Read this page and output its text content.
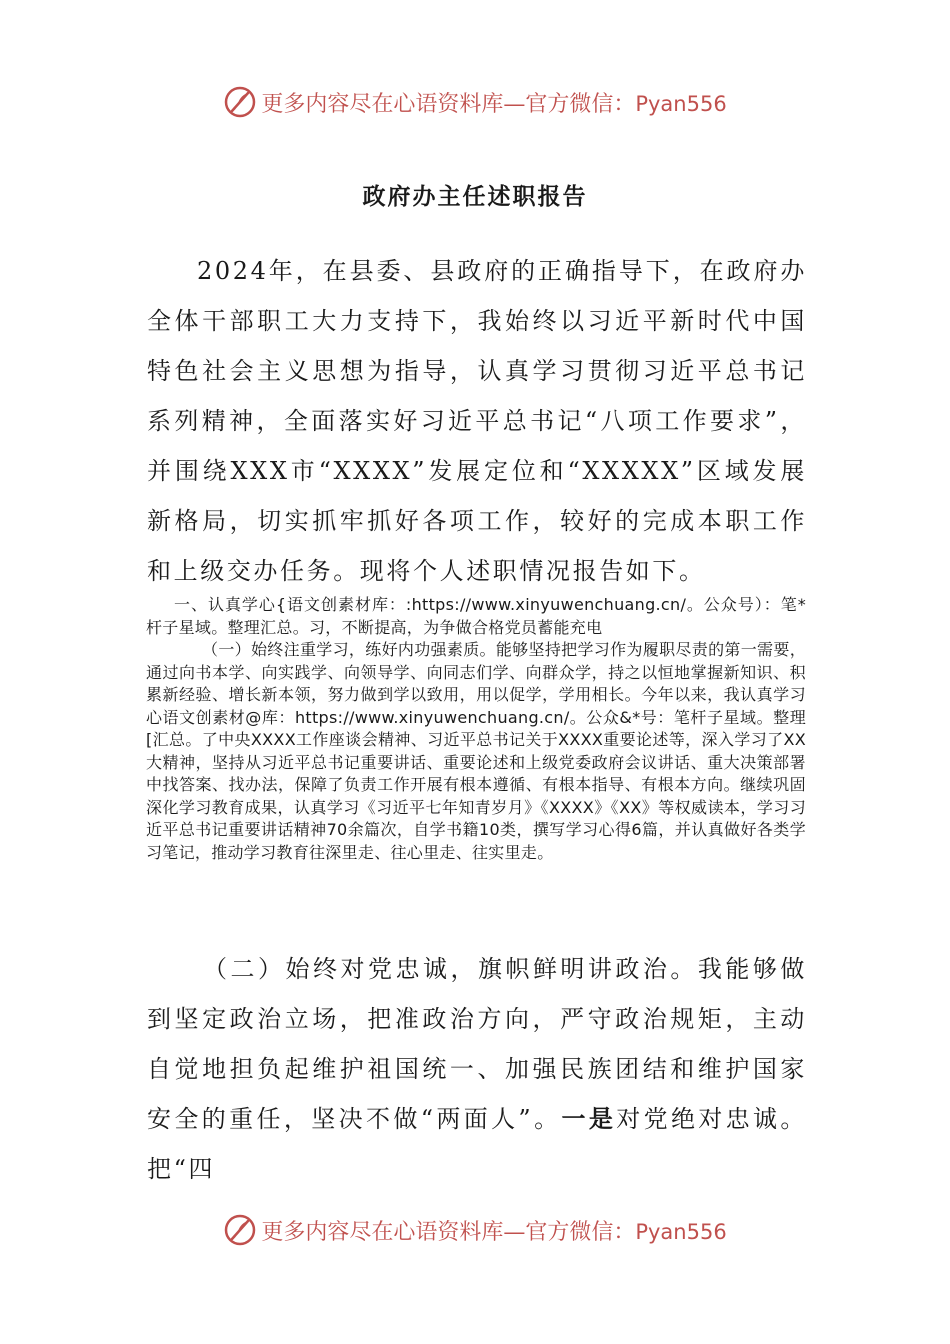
更多内容尽在心语资料库—官方微信：Pyan556
政府办主任述职报告

2024年，在县委、县政府的正确指导下，在政府办全体干部职工大力支持下，我始终以习近平新时代中国特色社会主义思想为指导，认真学习贯彻习近平总书记系列精神，全面落实好习近平总书记“八项工作要求”，并围绕XXX市“XXXX”发展定位和“XXXXX”区域发展新格局，切实抓牢抓好各项工作，较好的完成本职工作和上级交办任务。现将个人述职情况报告如下。

一、认真学心{语文创素材库：:https://www.xinyuwenchuang.cn/。公众号）：笔*杆子星域。整理汇总。习，不断提高，为争做合格党员蓄能充电

（一）始终注重学习，练好内功强素质。能够坚持把学习作为履职尽责的第一需要，通过向书本学、向实践学、向领导学、向同志们学、向群众学，持之以恒地掌握新知识、积累新经验、增长新本领，努力做到学以致用，用以促学，学用相长。今年以来，我认真学习心语文创素材@库：https://www.xinyuwenchuang.cn/。公众&*号：笔杆子星域。整理[汇总。了中央XXXX工作座谈会精神、习近平总书记关于XXXX重要论述等，深入学习了XX大精神，坚持从习近平总书记重要讲话、重要论述和上级党委政府会议讲话、重大决策部署中找答案、找办法，保障了负责工作开展有根本遵循、有根本指导、有根本方向。继续巩固深化学习教育成果，认真学习《习近平七年知青岁月》《XXXX》《XX》等权威读本，学习习近平总书记重要讲话精神70余篇次，自学书籍10类，撰写学习心得6篇，并认真做好各类学习笔记，推动学习教育往深里走、往心里走、往实里走。

（二）始终对党忠诚，旗帜鲜明讲政治。我能够做到坚定政治立场，把准政治方向，严守政治规矩，主动自觉地担负起维护祖国统一、加强民族团结和维护国家安全的重任，坚决不做“两面人”。一是对党绝对忠诚。把“四

更多内容尽在心语资料库—官方微信：Pyan556
